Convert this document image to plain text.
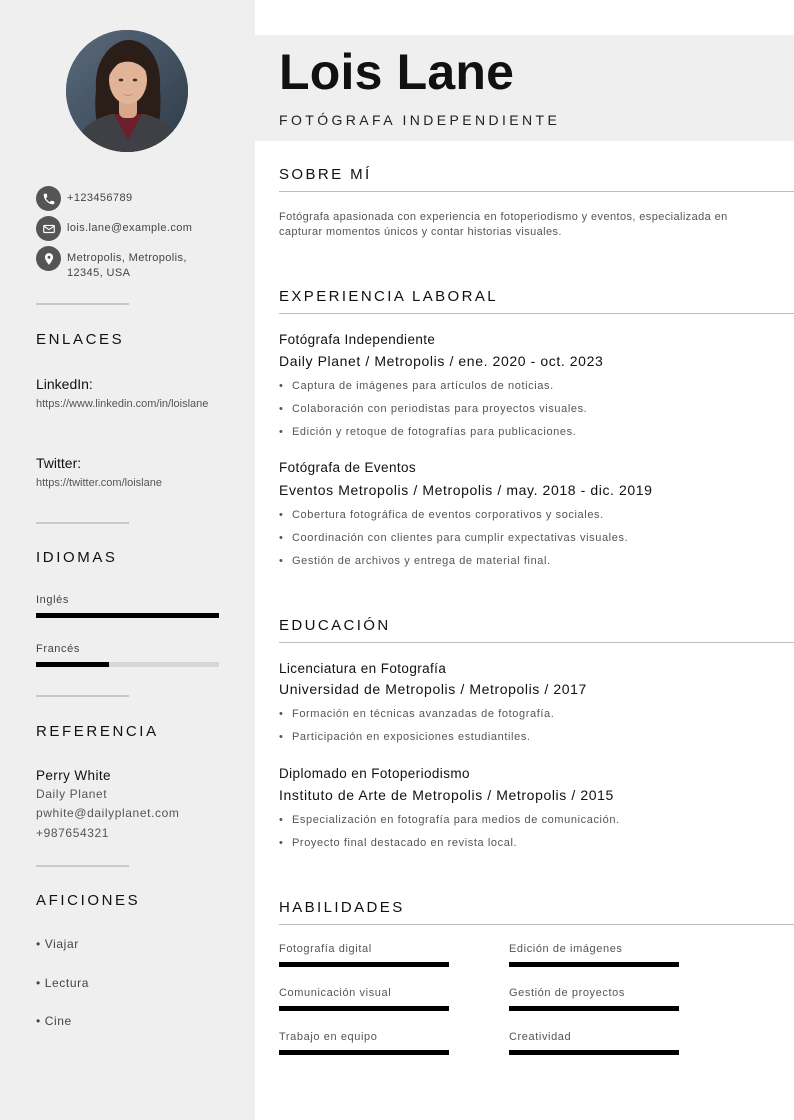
+123456789
lois.lane@example.com
Metropolis, Metropolis, 12345, USA
ENLACES
LinkedIn:
https://www.linkedin.com/in/loislane
Twitter:
https://twitter.com/loislane
IDIOMAS
Inglés
Francés
REFERENCIA
Perry White
Daily Planet
pwhite@dailyplanet.com
+987654321
AFICIONES
• Viajar
• Lectura
• Cine
Lois Lane
FOTÓGRAFA INDEPENDIENTE
SOBRE MÍ
Fotógrafa apasionada con experiencia en fotoperiodismo y eventos, especializada en capturar momentos únicos y contar historias visuales.
EXPERIENCIA LABORAL
Fotógrafa Independiente
Daily Planet / Metropolis / ene. 2020 - oct. 2023
• Captura de imágenes para artículos de noticias.
• Colaboración con periodistas para proyectos visuales.
• Edición y retoque de fotografías para publicaciones.
Fotógrafa de Eventos
Eventos Metropolis / Metropolis / may. 2018 - dic. 2019
• Cobertura fotográfica de eventos corporativos y sociales.
• Coordinación con clientes para cumplir expectativas visuales.
• Gestión de archivos y entrega de material final.
EDUCACIÓN
Licenciatura en Fotografía
Universidad de Metropolis / Metropolis / 2017
• Formación en técnicas avanzadas de fotografía.
• Participación en exposiciones estudiantiles.
Diplomado en Fotoperiodismo
Instituto de Arte de Metropolis / Metropolis / 2015
• Especialización en fotografía para medios de comunicación.
• Proyecto final destacado en revista local.
HABILIDADES
Fotografía digital	Edición de imágenes
Comunicación visual	Gestión de proyectos
Trabajo en equipo	Creatividad
